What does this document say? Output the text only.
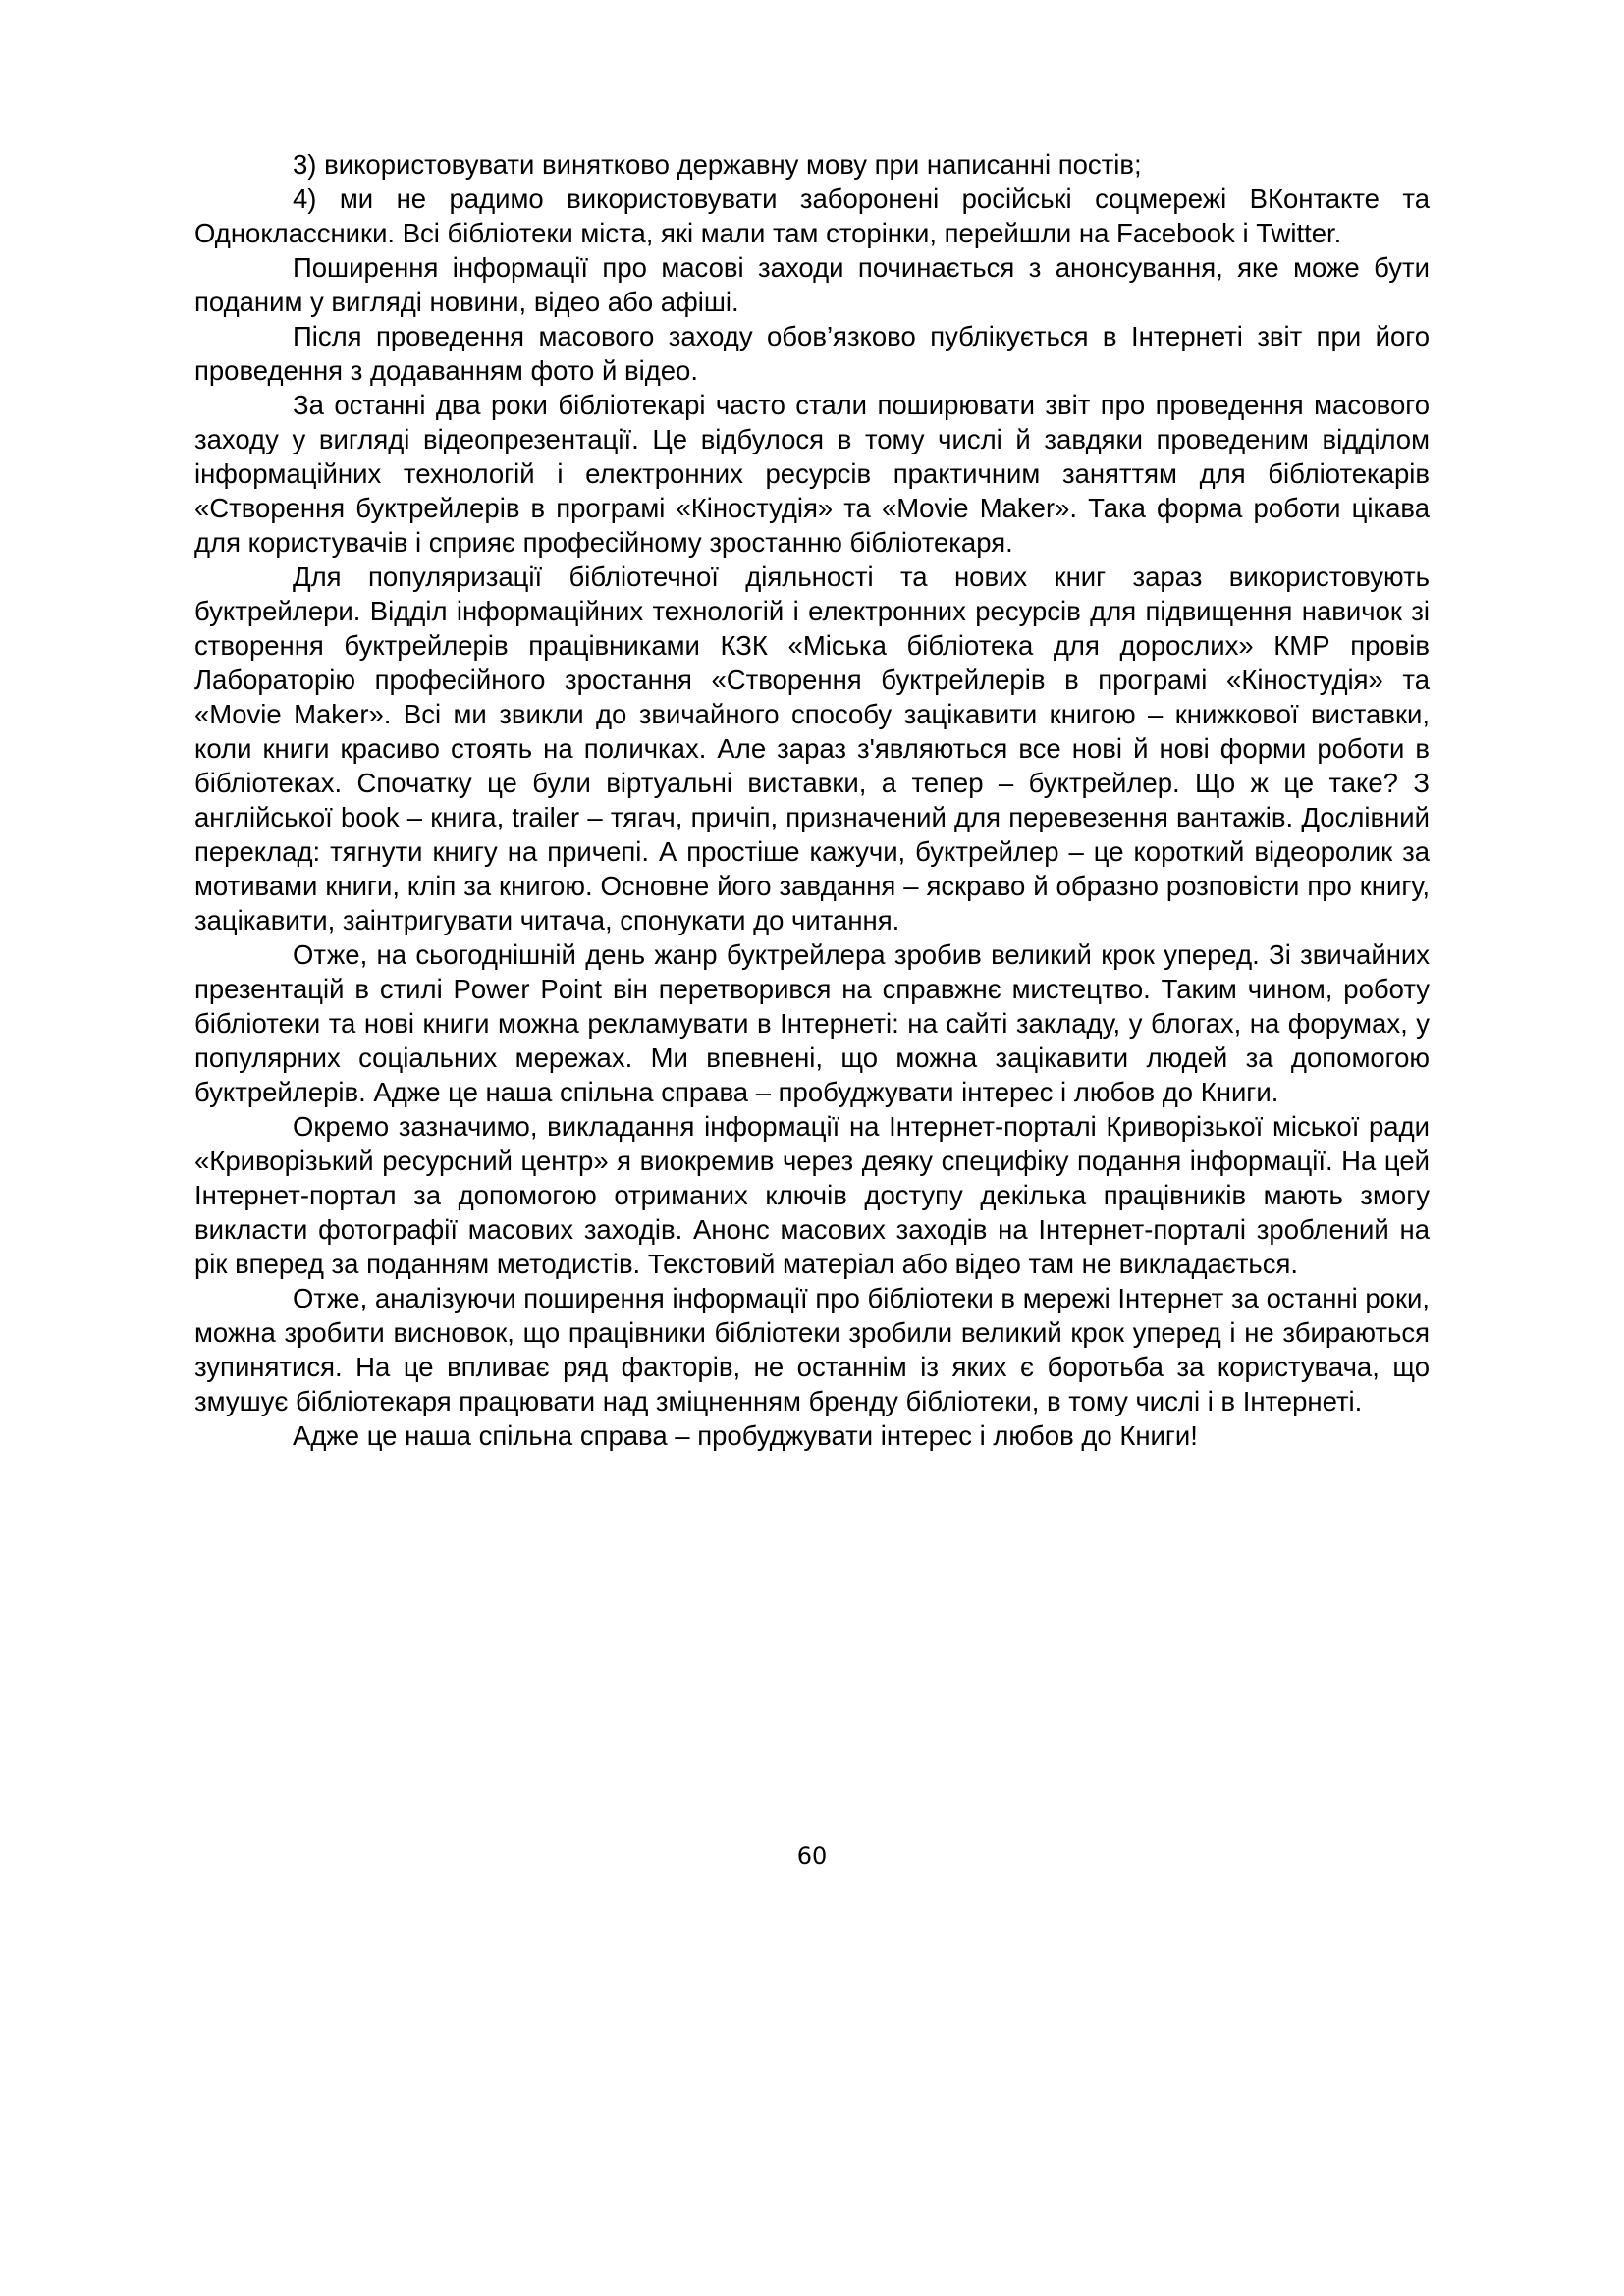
3) використовувати винятково державну мову при написанні постів;

4) ми не радимо використовувати заборонені російські соцмережі ВКонтакте та Одноклассники. Всі бібліотеки міста, які мали там сторінки, перейшли на Facebook і Twitter.

Поширення інформації про масові заходи починається з анонсування, яке може бути поданим у вигляді новини, відео або афіші.

Після проведення масового заходу обов’язково публікується в Інтернеті звіт при його проведення з додаванням фото й відео.

За останні два роки бібліотекарі часто стали поширювати звіт про проведення масового заходу у вигляді відеопрезентації. Це відбулося в тому числі й завдяки проведеним відділом інформаційних технологій і електронних ресурсів практичним заняттям для бібліотекарів «Створення буктрейлерів в програмі «Кіностудія» та «Movie Maker». Така форма роботи цікава для користувачів і сприяє професійному зростанню бібліотекаря.

Для популяризації бібліотечної діяльності та нових книг зараз використовують буктрейлери. Відділ інформаційних технологій і електронних ресурсів для підвищення навичок зі створення буктрейлерів працівниками КЗК «Міська бібліотека для дорослих» КМР провів Лабораторію професійного зростання «Створення буктрейлерів в програмі «Кіностудія» та «Movie Maker». Всі ми звикли до звичайного способу зацікавити книгою – книжкової виставки, коли книги красиво стоять на поличках. Але зараз з'являються все нові й нові форми роботи в бібліотеках. Спочатку це були віртуальні виставки, а тепер – буктрейлер. Що ж це таке? З англійської book – книга, trailer – тягач, причіп, призначений для перевезення вантажів. Дослівний переклад: тягнути книгу на причепі. А простіше кажучи, буктрейлер – це короткий відеоролик за мотивами книги, кліп за книгою. Основне його завдання – яскраво й образно розповісти про книгу, зацікавити, заінтригувати читача, спонукати до читання.

Отже, на сьогоднішній день жанр буктрейлера зробив великий крок уперед. Зі звичайних презентацій в стилі Power Point він перетворився на справжнє мистецтво. Таким чином, роботу бібліотеки та нові книги можна рекламувати в Інтернеті: на сайті закладу, у блогах, на форумах, у популярних соціальних мережах. Ми впевнені, що можна зацікавити людей за допомогою буктрейлерів. Адже це наша спільна справа – пробуджувати інтерес і любов до Книги.

Окремо зазначимо, викладання інформації на Інтернет-порталі Криворізької міської ради «Криворізький ресурсний центр» я виокремив через деяку специфіку подання інформації. На цей Інтернет-портал за допомогою отриманих ключів доступу декілька працівників мають змогу викласти фотографії масових заходів. Анонс масових заходів на Інтернет-порталі зроблений на рік вперед за поданням методистів. Текстовий матеріал або відео там не викладається.

Отже, аналізуючи поширення інформації про бібліотеки в мережі Інтернет за останні роки, можна зробити висновок, що працівники бібліотеки зробили великий крок уперед і не збираються зупинятися. На це впливає ряд факторів, не останнім із яких є боротьба за користувача, що змушує бібліотекаря працювати над зміцненням бренду бібліотеки, в тому числі і в Інтернеті.

Адже це наша спільна справа – пробуджувати інтерес і любов до Книги!

60
